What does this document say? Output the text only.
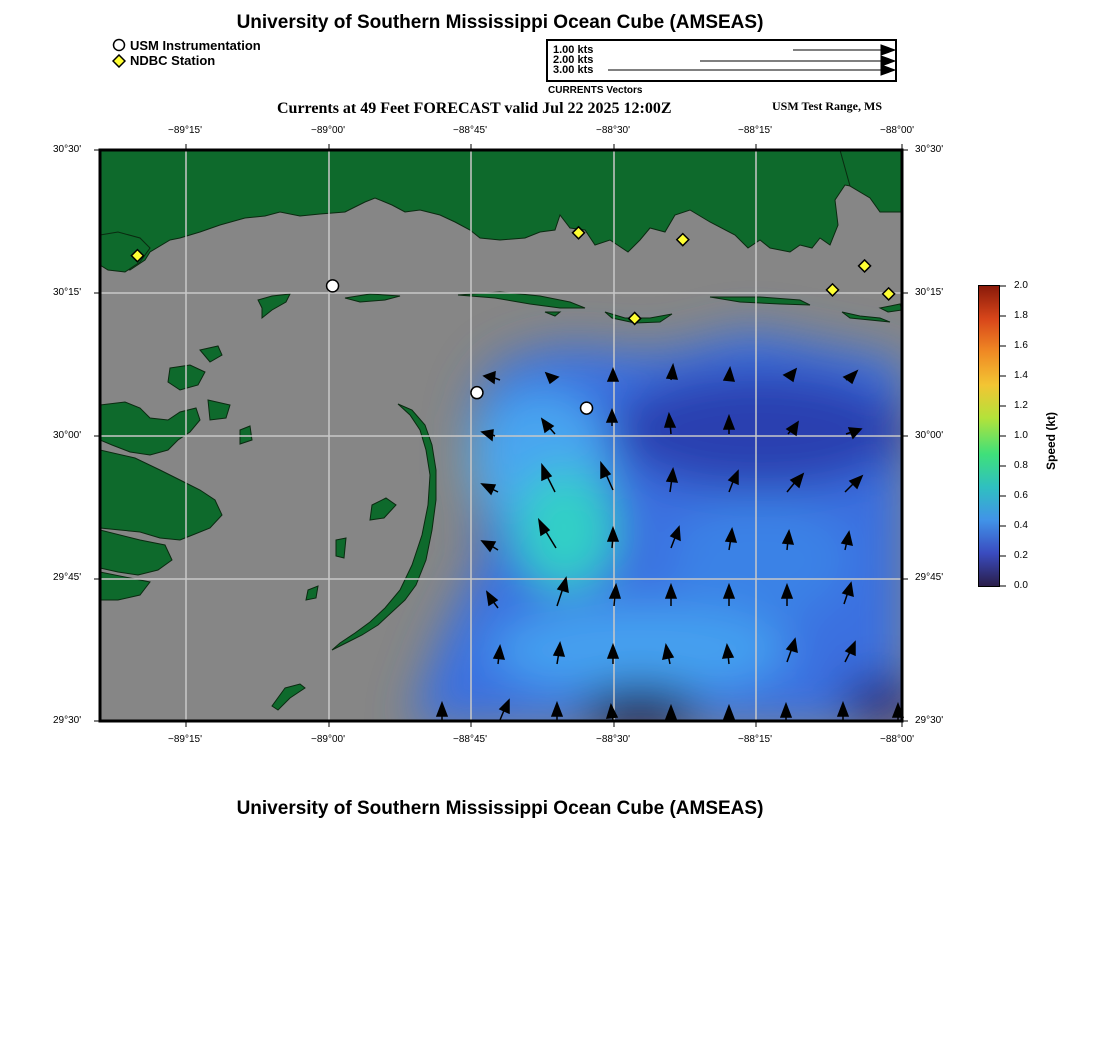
University of Southern Mississippi Ocean Cube (AMSEAS)
USM Instrumentation
NDBC Station
1.00 kts
2.00 kts
3.00 kts
CURRENTS Vectors
Currents at 49 Feet FORECAST valid Jul 22 2025 12:00Z	USM Test Range, MS
−89°15'	−89°00'	−88°45'	−88°30'	−88°15'	−88°00'
−89°15'	−89°00'	−88°45'	−88°30'	−88°15'	−88°00'
30°30'
30°15'
30°00'
29°45'
29°30'
30°30'
30°15'
30°00'
29°45'
29°30'
2.0
1.8
1.6
1.4
1.2
1.0
0.8
0.6
0.4
0.2
0.0
Speed (kt)
University of Southern Mississippi Ocean Cube (AMSEAS)
